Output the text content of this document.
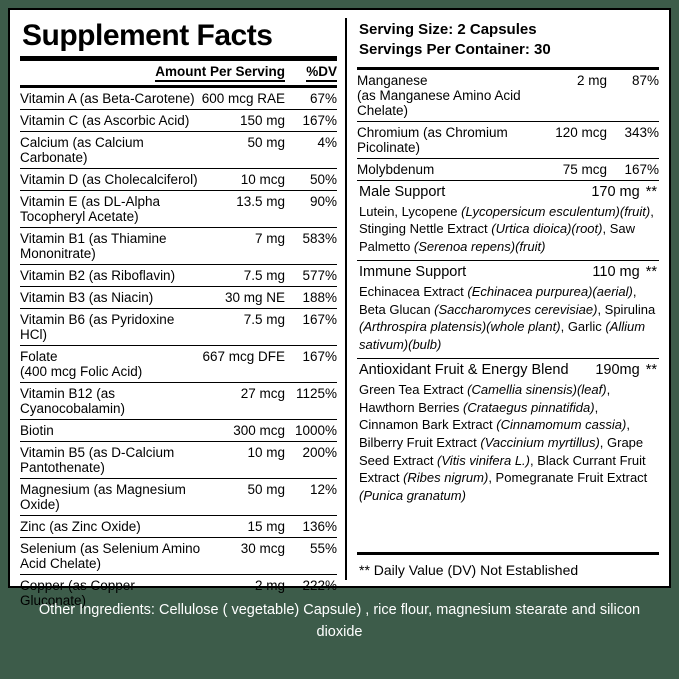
Supplement Facts
	Amount Per Serving	%DV
Vitamin A (as Beta-Carotene)	600 mcg RAE	67%
Vitamin C (as Ascorbic Acid)	150 mg	167%
Calcium (as Calcium Carbonate)	50 mg	4%
Vitamin D (as Cholecalciferol)	10 mcg	50%
Vitamin E (as DL-Alpha Tocopheryl Acetate)	13.5 mg	90%
Vitamin B1 (as Thiamine Mononitrate)	7 mg	583%
Vitamin B2 (as Riboflavin)	7.5 mg	577%
Vitamin B3 (as Niacin)	30 mg NE	188%
Vitamin B6 (as Pyridoxine HCl)	7.5 mg	167%
Folate
(400 mcg Folic Acid)	667 mcg DFE	167%
Vitamin B12 (as Cyanocobalamin)	27 mcg	1125%
Biotin	300 mcg	1000%
Vitamin B5 (as D-Calcium Pantothenate)	10 mg	200%
Magnesium (as Magnesium Oxide)	50 mg	12%
Zinc (as Zinc Oxide)	15 mg	136%
Selenium (as Selenium Amino Acid Chelate)	30 mcg	55%
Copper (as Copper Gluconate)	2 mg	222%
Serving Size: 2 Capsules
Servings Per Container: 30
Manganese
(as Manganese Amino Acid Chelate)	2 mg	87%
Chromium (as Chromium Picolinate)	120 mcg	343%
Molybdenum	75 mcg	167%
Male Support	170 mg **
Lutein, Lycopene (Lycopersicum esculentum)(fruit), Stinging Nettle Extract (Urtica dioica)(root), Saw Palmetto (Serenoa repens)(fruit)
Immune Support	110 mg **
Echinacea Extract (Echinacea purpurea)(aerial), Beta Glucan (Saccharomyces cerevisiae), Spirulina (Arthrospira platensis)(whole plant), Garlic (Allium sativum)(bulb)
Antioxidant Fruit & Energy Blend 190mg **
Green Tea Extract (Camellia sinensis)(leaf), Hawthorn Berries (Crataegus pinnatifida), Cinnamon Bark Extract (Cinnamomum cassia), Bilberry Fruit Extract (Vaccinium myrtillus), Grape Seed Extract (Vitis vinifera L.), Black Currant Fruit Extract (Ribes nigrum), Pomegranate Fruit Extract (Punica granatum)
** Daily Value (DV) Not Established
Other Ingredients: Cellulose ( vegetable) Capsule) , rice flour, magnesium stearate and silicon dioxide
